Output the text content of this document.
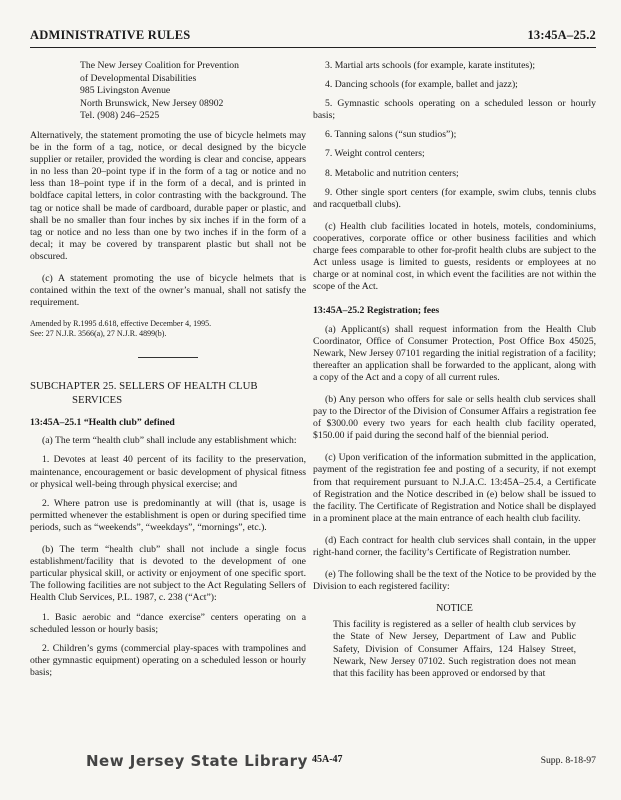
ADMINISTRATIVE RULES	13:45A–25.2
The New Jersey Coalition for Prevention
of Developmental Disabilities
985 Livingston Avenue
North Brunswick, New Jersey 08902
Tel. (908) 246–2525

Alternatively, the statement promoting the use of bicycle helmets may be in the form of a tag, notice, or decal designed by the bicycle supplier or retailer, provided the wording is clear and concise, appears in no less than 20–point type if in the form of a tag or notice and no less than 18–point type if in the form of a decal, and is printed in boldface capital letters, in color contrasting with the background. The tag or notice shall be made of cardboard, durable paper or plastic, and shall be no smaller than four inches by six inches if in the form of a tag or notice and no less than one by two inches if in the form of a decal; it may be covered by transparent plastic but shall not be obscured.

(c) A statement promoting the use of bicycle helmets that is contained within the text of the owner’s manual, shall not satisfy the requirement.

Amended by R.1995 d.618, effective December 4, 1995.
See: 27 N.J.R. 3566(a), 27 N.J.R. 4899(b).
SUBCHAPTER 25. SELLERS OF HEALTH CLUB
SERVICES

13:45A–25.1 “Health club” defined

(a) The term “health club” shall include any establishment which:

1. Devotes at least 40 percent of its facility to the preservation, maintenance, encouragement or basic development of physical fitness or physical well-being through physical exercise; and

2. Where patron use is predominantly at will (that is, usage is permitted whenever the establishment is open or during specified time periods, such as “weekends”, “weekdays”, “mornings”, etc.).

(b) The term “health club” shall not include a single focus establishment/facility that is devoted to the development of one particular physical skill, or activity or enjoyment of one specific sport. The following facilities are not subject to the Act Regulating Sellers of Health Club Services, P.L. 1987, c. 238 (“Act”):

1. Basic aerobic and “dance exercise” centers operating on a scheduled lesson or hourly basis;

2. Children’s gyms (commercial play-spaces with trampolines and other gymnastic equipment) operating on a scheduled lesson or hourly basis;

3. Martial arts schools (for example, karate institutes);

4. Dancing schools (for example, ballet and jazz);

5. Gymnastic schools operating on a scheduled lesson or hourly basis;

6. Tanning salons (“sun studios”);

7. Weight control centers;

8. Metabolic and nutrition centers;

9. Other single sport centers (for example, swim clubs, tennis clubs and racquetball clubs).

(c) Health club facilities located in hotels, motels, condominiums, cooperatives, corporate office or other business facilities and which charge fees comparable to other for-profit health clubs are subject to the Act unless usage is limited to guests, residents or employees at no charge or at nominal cost, in which event the facilities are not within the scope of the Act.

13:45A–25.2 Registration; fees

(a) Applicant(s) shall request information from the Health Club Coordinator, Office of Consumer Protection, Post Office Box 45025, Newark, New Jersey 07101 regarding the initial registration of a facility; thereafter an application shall be forwarded to the applicant, along with a copy of the Act and a copy of all current rules.

(b) Any person who offers for sale or sells health club services shall pay to the Director of the Division of Consumer Affairs a registration fee of $300.00 every two years for each health club facility operated, $150.00 if paid during the second half of the biennial period.

(c) Upon verification of the information submitted in the application, payment of the registration fee and posting of a security, if not exempt from that requirement pursuant to N.J.A.C. 13:45A–25.4, a Certificate of Registration and the Notice described in (e) below shall be issued to the facility. The Certificate of Registration and Notice shall be displayed in a prominent place at the main entrance of each health club facility.

(d) Each contract for health club services shall contain, in the upper right-hand corner, the facility’s Certificate of Registration number.

(e) The following shall be the text of the Notice to be provided by the Division to each registered facility:

NOTICE

This facility is registered as a seller of health club services by the State of New Jersey, Department of Law and Public Safety, Division of Consumer Affairs, 124 Halsey Street, Newark, New Jersey 07102. Such registration does not mean that this facility has been approved or endorsed by that

New Jersey State Library 45A-47	Supp. 8-18-97
